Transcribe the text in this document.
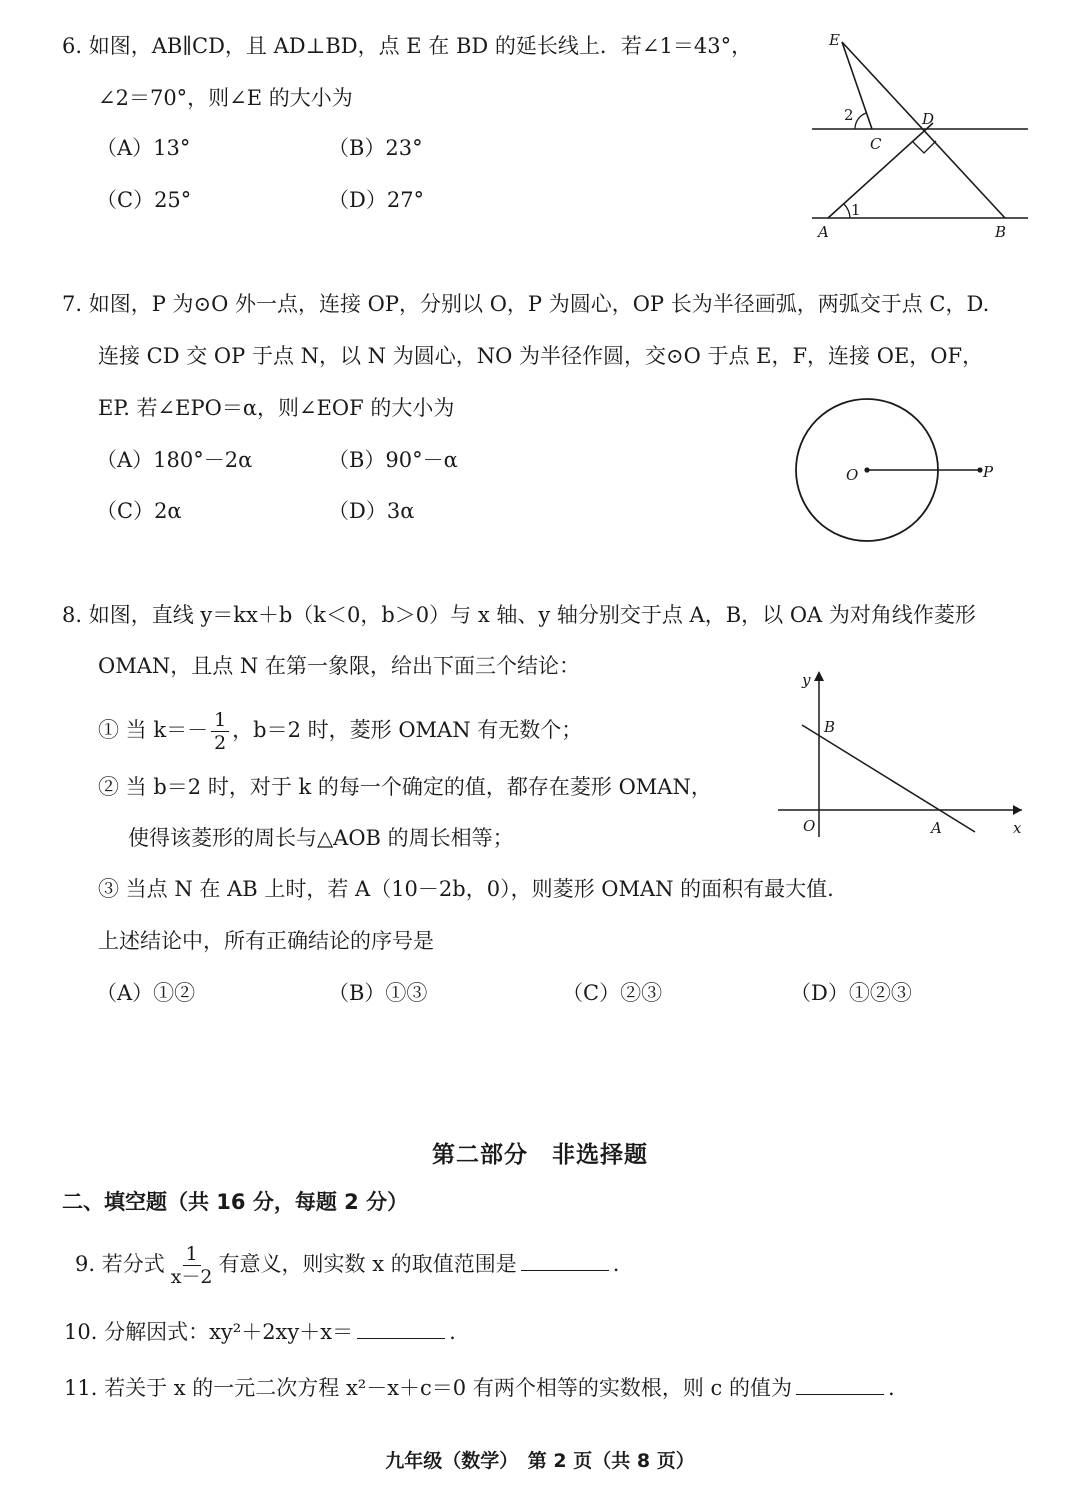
6. 如图，AB∥CD，且 AD⊥BD，点 E 在 BD 的延长线上．若∠1＝43°，
∠2＝70°，则∠E 的大小为
（A）13°	（B）23°
（C）25°	（D）27°
E
2	D
C
1
A	B
7. 如图，P 为⊙O 外一点，连接 OP，分别以 O，P 为圆心，OP 长为半径画弧，两弧交于点 C，D.
连接 CD 交 OP 于点 N，以 N 为圆心，NO 为半径作圆，交⊙O 于点 E，F，连接 OE，OF，
EP. 若∠EPO＝α，则∠EOF 的大小为
（A）180°－2α	（B）90°－α
（C）2α	（D）3α
O	P
8. 如图，直线 y＝kx＋b（k＜0，b＞0）与 x 轴、y 轴分别交于点 A，B，以 OA 为对角线作菱形
OMAN，且点 N 在第一象限，给出下面三个结论：
① 当 $k=- \frac{1}{2}$ ，b＝2 时，菱形 OMAN 有无数个；
② 当 b＝2 时，对于 k 的每一个确定的值，都存在菱形 OMAN，
使得该菱形的周长与△AOB 的周长相等；
③ 当点 N 在 AB 上时，若 A（10－2b，0），则菱形 OMAN 的面积有最大值.
上述结论中，所有正确结论的序号是
（A）①②	（B）①③	（C）②③	（D）①②③
y
B
O	A	x
第二部分　非选择题
二、填空题（共 16 分，每题 2 分）
9. 若分式 $\frac{1}{x-2}$ 有意义，则实数 x 的取值范围是	.
10. 分解因式：xy²＋2xy＋x＝	.
11. 若关于 x 的一元二次方程 x²－x＋c＝0 有两个相等的实数根，则 c 的值为	.
九年级（数学）　第 2 页（共 8 页）
